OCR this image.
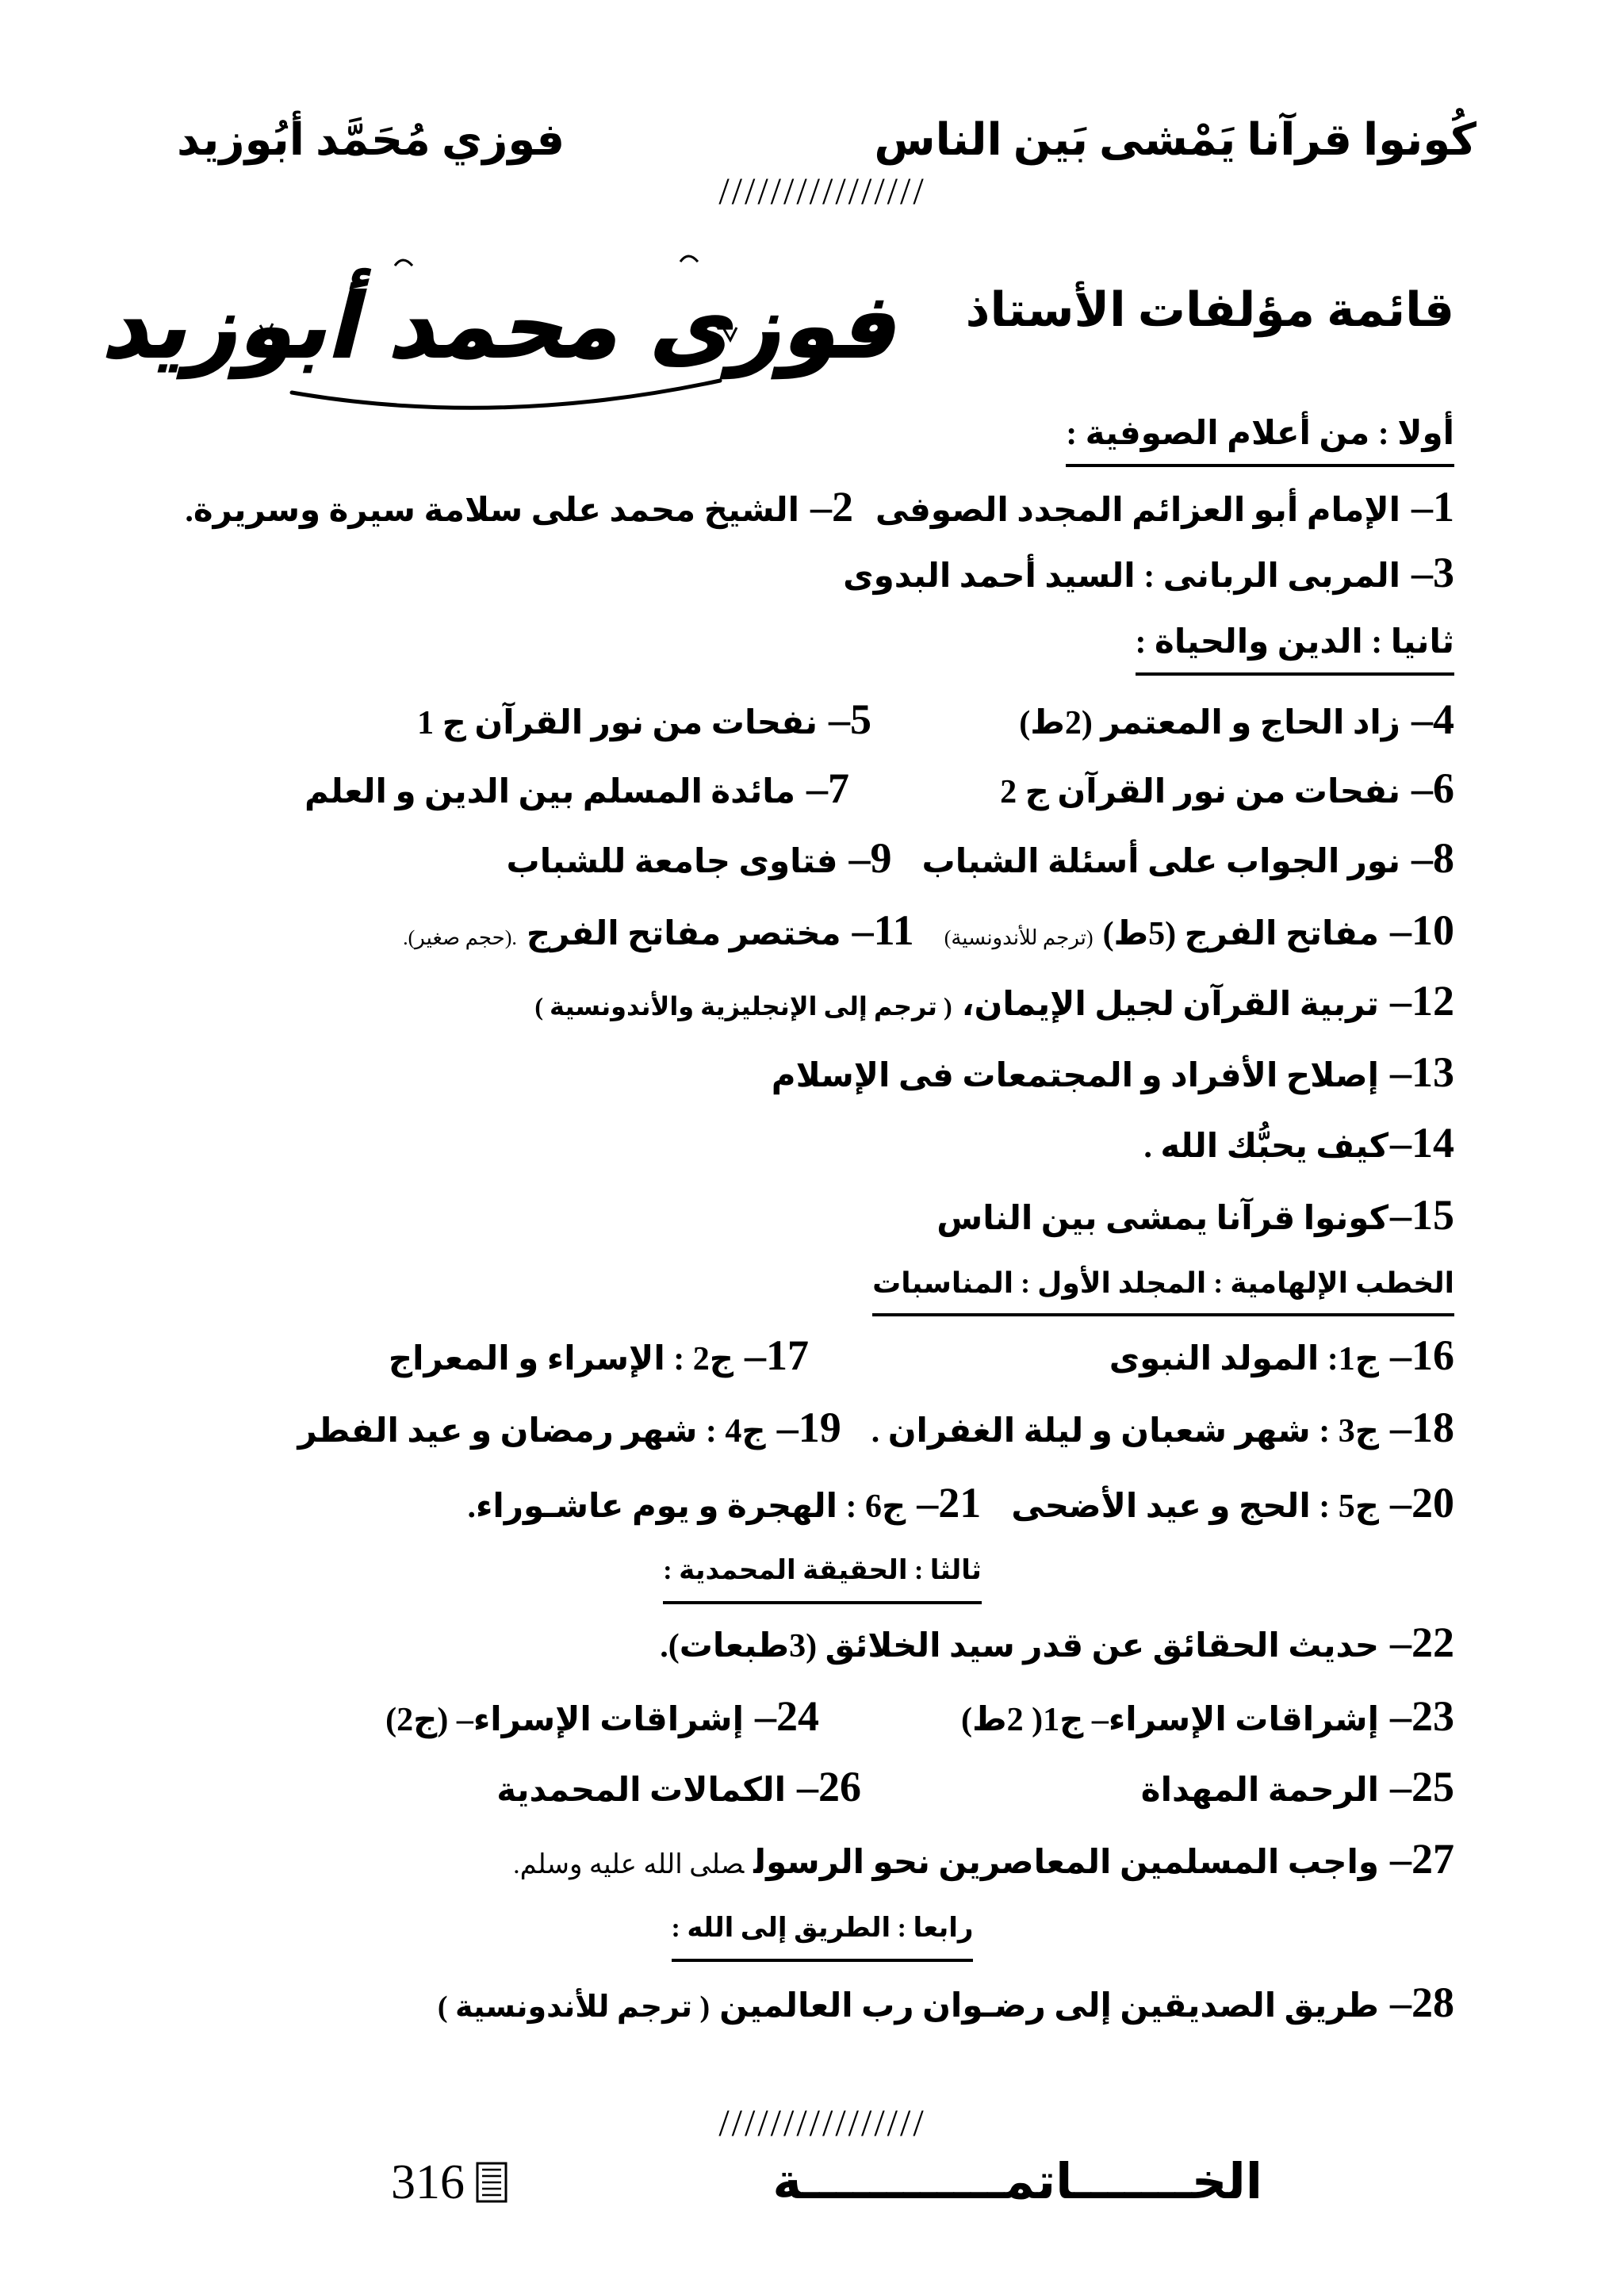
كُونوا قرآنا يَمْشى بَين الناس
فوزي مُحَمَّد أبُوزيد
////////////////
قائمة مؤلفات الأستاذ
فوزى محمد أبوزيد
أولا : من أعلام الصوفية :
1–الإمام أبو العزائم المجدد الصوفى
2–الشيخ محمد على سلامة سيرة وسريرة.
3–المربى الربانى : السيد أحمد البدوى
ثانيا : الدين والحياة :
4–زاد الحاج و المعتمر (2ط)
5–نفحات من نور القرآن ج 1
6–نفحات من نور القرآن ج 2
7–مائدة المسلم بين الدين و العلم
8–نور الجواب على أسئلة الشباب9–فتاوى جامعة للشباب
10–مفاتح الفرج (5ط)(ترجم للأندونسية)11–مختصر مفاتح الفرج.(حجم صغير).
12–تربية القرآن لجيل الإيمان،( ترجم إلى الإنجليزية والأندونسية )
13–إصلاح الأفراد و المجتمعات فى الإسلام
14–كيف يحبُّك الله .
15–كونوا قرآنا يمشى بين الناس
الخطب الإلهامية : المجلد الأول : المناسبات
16–ج1: المولد النبوى
17–ج2 : الإسراء و المعراج
18–ج3 : شهر شعبان و ليلة الغفران .19–ج4 : شهر رمضان و عيد الفطر
20–ج5 : الحج و عيد الأضحى21–ج6 : الهجرة و يوم عاشـوراء.
ثالثا : الحقيقة المحمدية :
22–حديث الحقائق عن قدر سيد الخلائق (3طبعات).
23–إشراقات الإسراء– ج1( 2ط)
24–إشراقات الإسراء– (ج2)
25–الرحمة المهداة
26–الكمالات المحمدية
27–واجب المسلمين المعاصرين نحو الرسولصلى الله عليه وسلم.
رابعا : الطريق إلى الله :
28–طريق الصديقين إلى رضـوان رب العالمين( ترجم للأندونسية )
////////////////
الخـــــــاتمــــــــــــة
316
